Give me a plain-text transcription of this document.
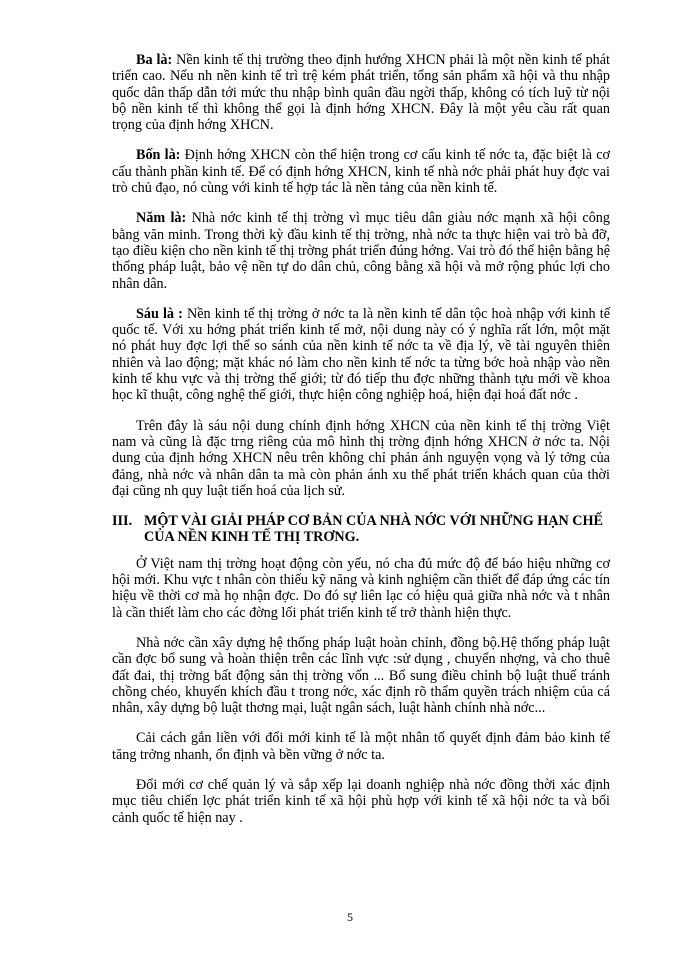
Ba là: Nền kinh tế thị trường theo định hướng XHCN phải là một nền kinh tế phát triển cao. Nếu nh nền kinh tế trì trệ kém phát triển, tổng sản phẩm xã hội và thu nhập quốc dân thấp dẫn tới mức thu nhập bình quân đầu ngời thấp, không có tích luỹ từ nội bộ nền kinh tế thì không thể gọi là định hớng XHCN. Đây là một yêu cầu rất quan trọng của định hớng XHCN.

Bốn là: Định hớng XHCN còn thể hiện trong cơ cấu kinh tế nớc ta, đặc biệt là cơ cấu thành phần kinh tế. Để có định hớng XHCN, kinh tế nhà nớc phải phát huy đợc vai trò chủ đạo, nó cùng với kinh tế hợp tác là nền tảng của nền kinh tế.

Năm là: Nhà nớc kinh tế thị trờng vì mục tiêu dân giàu nớc mạnh xã hội công bằng văn minh. Trong thời kỳ đầu kinh tế thị trờng, nhà nớc ta thực hiện vai trò bà đỡ, tạo điều kiện cho nền kinh tế thị trờng phát triển đúng hớng. Vai trò đó thể hiện bằng hệ thống pháp luật, bảo vệ nền tự do dân chủ, công bằng xã hội và mở rộng phúc lợi cho nhân dân.

Sáu là : Nền kinh tế thị trờng ở nớc ta là nền kinh tế dân tộc hoà nhập với kinh tế quốc tế. Với xu hớng phát triển kinh tế mở, nội dung này có ý nghĩa rất lớn, một mặt nó phát huy đợc lợi thế so sánh của nền kinh tế nớc ta về địa lý, về tài nguyên thiên nhiên và lao động; mặt khác nó làm cho nền kinh tế nớc ta từng bớc hoà nhập vào nền kinh tế khu vực và thị trờng thế giới; từ đó tiếp thu đợc những thành tựu mới về khoa học kĩ thuật, công nghệ thế giới, thực hiện công nghiệp hoá, hiện đại hoá đất nớc .

Trên đây là sáu nội dung chính định hớng XHCN của nền kinh tế thị trờng Việt nam và cũng là đặc trng riêng của mô hình thị trờng định hớng XHCN ở nớc ta. Nội dung của định hớng XHCN nêu trên không chỉ phản ánh nguyện vọng và lý tởng của đảng, nhà nớc và nhân dân ta mà còn phản ánh xu thế phát triển khách quan của thời đại cũng nh quy luật tiến hoá của lịch sử.

III. MỘT VÀI GIẢI PHÁP CƠ BẢN CỦA NHÀ NỚC VỚI NHỮNG HẠN CHẾ CỦA NỀN KINH TẾ THỊ TRƠNG.

Ở Việt nam thị trờng hoạt động còn yếu, nó cha đủ mức độ để báo hiệu những cơ hội mới. Khu vực t nhân còn thiếu kỹ năng và kinh nghiệm cần thiết để đáp ứng các tín hiệu về thời cơ mà họ nhận đợc. Do đó sự liên lạc có hiệu quả giữa nhà nớc và t nhân là cần thiết làm cho các đờng lối phát triển kinh tế trở thành hiện thực.

Nhà nớc cần xây dựng hệ thống pháp luật hoàn chỉnh, đồng bộ.Hệ thống pháp luật cần đợc bổ sung và hoàn thiện trên các lĩnh vực :sử dụng , chuyển nhợng, và cho thuê đất đai, thị trờng bất động sản thị trờng vốn ... Bổ sung điều chỉnh bộ luật thuế tránh chồng chéo, khuyến khích đầu t trong nớc, xác định rõ thẩm quyền trách nhiệm của cá nhân, xây dựng bộ luật thơng mại, luật ngân sách, luật hành chính nhà nớc...

Cải cách gắn liền với đổi mới kinh tế là một nhân tố quyết định đảm bảo kinh tế tăng trởng nhanh, ổn định và bền vững ở nớc ta.

Đổi mới cơ chế quản lý và sắp xếp lại doanh nghiệp nhà nớc đồng thời xác định mục tiêu chiến lợc phát triển kinh tế xã hội phù hợp với kinh tế xã hội nớc ta và bối cảnh quốc tế hiện nay .

5
